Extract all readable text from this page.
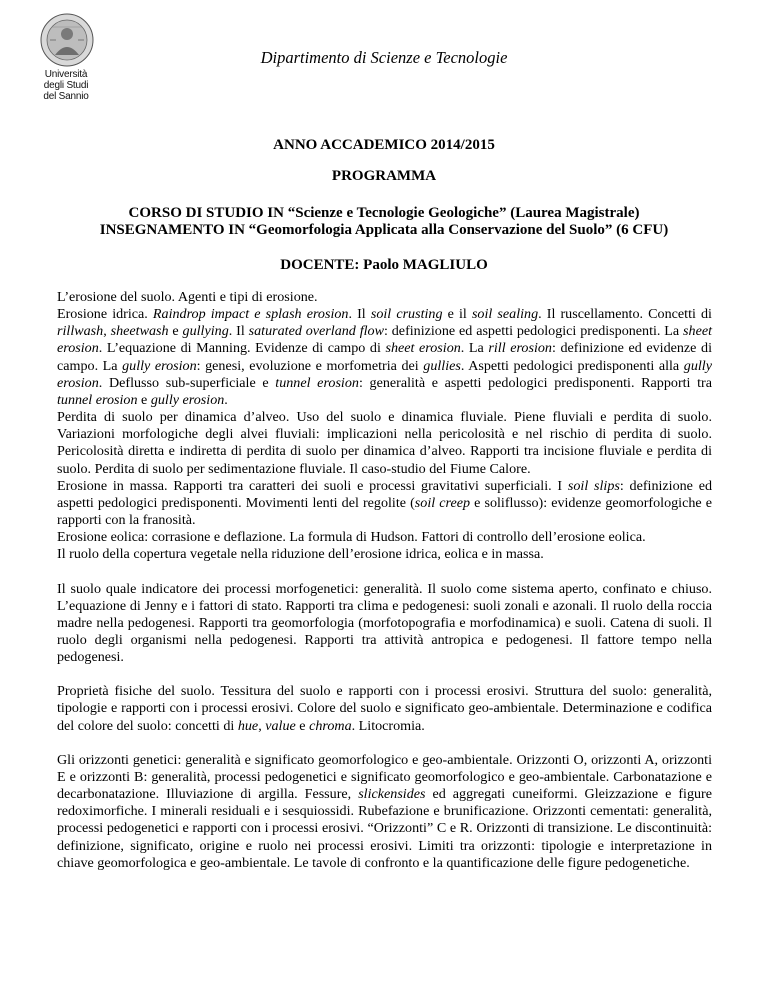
Università
degli Studi
del Sannio
Dipartimento di Scienze e Tecnologie
ANNO ACCADEMICO 2014/2015
PROGRAMMA
CORSO DI STUDIO IN “Scienze e Tecnologie Geologiche” (Laurea Magistrale)
INSEGNAMENTO IN “Geomorfologia Applicata alla Conservazione del Suolo” (6 CFU)
DOCENTE: Paolo MAGLIULO

L’erosione del suolo. Agenti e tipi di erosione.
Erosione idrica. Raindrop impact e splash erosion. Il soil crusting e il soil sealing. Il ruscellamento. Concetti di rillwash, sheetwash e gullying. Il saturated overland flow: definizione ed aspetti pedologici predisponenti. La sheet erosion. L’equazione di Manning. Evidenze di campo di sheet erosion. La rill erosion: definizione ed evidenze di campo. La gully erosion: genesi, evoluzione e morfometria dei gullies. Aspetti pedologici predisponenti alla gully erosion. Deflusso sub-superficiale e tunnel erosion: generalità e aspetti pedologici predisponenti. Rapporti tra tunnel erosion e gully erosion.
Perdita di suolo per dinamica d’alveo. Uso del suolo e dinamica fluviale. Piene fluviali e perdita di suolo. Variazioni morfologiche degli alvei fluviali: implicazioni nella pericolosità e nel rischio di perdita di suolo. Pericolosità diretta e indiretta di perdita di suolo per dinamica d’alveo. Rapporti tra incisione fluviale e perdita di suolo. Perdita di suolo per sedimentazione fluviale. Il caso-studio del Fiume Calore.
Erosione in massa. Rapporti tra caratteri dei suoli e processi gravitativi superficiali. I soil slips: definizione ed aspetti pedologici predisponenti. Movimenti lenti del regolite (soil creep e soliflusso): evidenze geomorfologiche e rapporti con la franosità.
Erosione eolica: corrasione e deflazione. La formula di Hudson. Fattori di controllo dell’erosione eolica.
Il ruolo della copertura vegetale nella riduzione dell’erosione idrica, eolica e in massa.

Il suolo quale indicatore dei processi morfogenetici: generalità. Il suolo come sistema aperto, confinato e chiuso. L’equazione di Jenny e i fattori di stato. Rapporti tra clima e pedogenesi: suoli zonali e azonali. Il ruolo della roccia madre nella pedogenesi. Rapporti tra geomorfologia (morfotopografia e morfodinamica) e suoli. Catena di suoli. Il ruolo degli organismi nella pedogenesi. Rapporti tra attività antropica e pedogenesi. Il fattore tempo nella pedogenesi.

Proprietà fisiche del suolo. Tessitura del suolo e rapporti con i processi erosivi. Struttura del suolo: generalità, tipologie e rapporti con i processi erosivi. Colore del suolo e significato geo-ambientale. Determinazione e codifica del colore del suolo: concetti di hue, value e chroma. Litocromia.

Gli orizzonti genetici: generalità e significato geomorfologico e geo-ambientale. Orizzonti O, orizzonti A, orizzonti E e orizzonti B: generalità, processi pedogenetici e significato geomorfologico e geo-ambientale. Carbonatazione e decarbonatazione. Illuviazione di argilla. Fessure, slickensides ed aggregati cuneiformi. Gleizzazione e figure redoximorfiche. I minerali residuali e i sesquiossidi. Rubefazione e brunificazione. Orizzonti cementati: generalità, processi pedogenetici e rapporti con i processi erosivi. “Orizzonti” C e R. Orizzonti di transizione. Le discontinuità: definizione, significato, origine e ruolo nei processi erosivi. Limiti tra orizzonti: tipologie e interpretazione in chiave geomorfologica e geo-ambientale. Le tavole di confronto e la quantificazione delle figure pedogenetiche.
